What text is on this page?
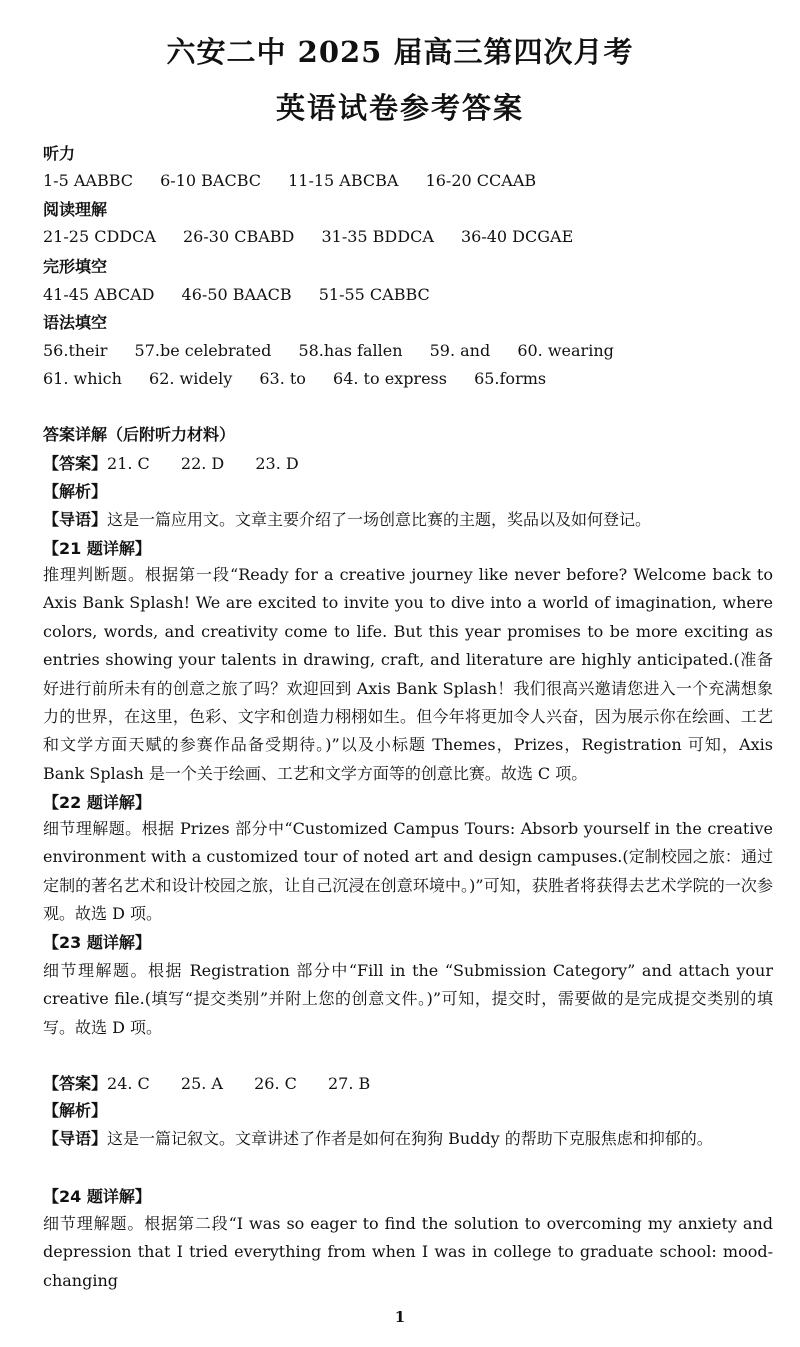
六安二中 2025 届高三第四次月考
英语试卷参考答案
听力
1-5 AABBC 6-10 BACBC 11-15 ABCBA 16-20 CCAAB
阅读理解
21-25 CDDCA 26-30 CBABD 31-35 BDDCA 36-40 DCGAE
完形填空
41-45 ABCAD 46-50 BAACB 51-55 CABBC
语法填空
56.their 57.be celebrated 58.has fallen 59. and 60. wearing
61. which 62. widely 63. to 64. to express 65.forms
答案详解（后附听力材料）
【答案】21. C 22. D 23. D
【解析】
【导语】这是一篇应用文。文章主要介绍了一场创意比赛的主题，奖品以及如何登记。
【21 题详解】
推理判断题。根据第一段“Ready for a creative journey like never before? Welcome back to Axis Bank Splash! We are excited to invite you to dive into a world of imagination, where colors, words, and creativity come to life. But this year promises to be more exciting as entries showing your talents in drawing, craft, and literature are highly anticipated.(准备好进行前所未有的创意之旅了吗？欢迎回到 Axis Bank Splash！我们很高兴邀请您进入一个充满想象力的世界，在这里，色彩、文字和创造力栩栩如生。但今年将更加令人兴奋，因为展示你在绘画、工艺和文学方面天赋的参赛作品备受期待。)”以及小标题 Themes，Prizes，Registration 可知，Axis Bank Splash 是一个关于绘画、工艺和文学方面等的创意比赛。故选 C 项。
【22 题详解】
细节理解题。根据 Prizes 部分中“Customized Campus Tours: Absorb yourself in the creative environment with a customized tour of noted art and design campuses.(定制校园之旅：通过定制的著名艺术和设计校园之旅，让自己沉浸在创意环境中。)”可知，获胜者将获得去艺术学院的一次参观。故选 D 项。
【23 题详解】
细节理解题。根据 Registration 部分中“Fill in the “Submission Category” and attach your creative file.(填写“提交类别”并附上您的创意文件。)”可知，提交时，需要做的是完成提交类别的填写。故选 D 项。
【答案】24. C 25. A 26. C 27. B
【解析】
【导语】这是一篇记叙文。文章讲述了作者是如何在狗狗 Buddy 的帮助下克服焦虑和抑郁的。
【24 题详解】
细节理解题。根据第二段“I was so eager to find the solution to overcoming my anxiety and depression that I tried everything from when I was in college to graduate school: mood-changing
1
